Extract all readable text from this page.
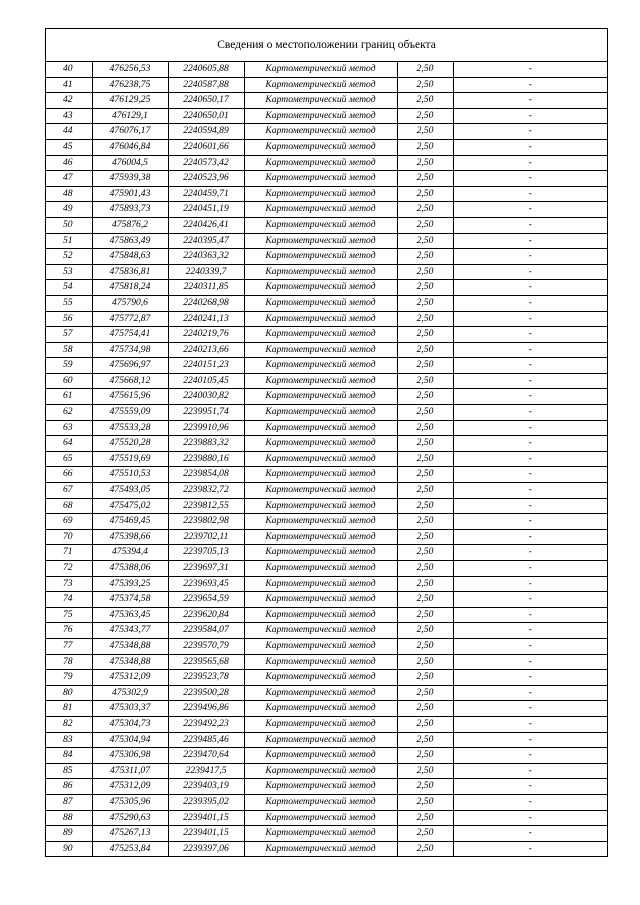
Сведения о местоположении границ объекта
40	476256,53	2240605,88	Картометрический метод	2,50	-
41	476238,75	2240587,88	Картометрический метод	2,50	-
42	476129,25	2240650,17	Картометрический метод	2,50	-
43	476129,1	2240650,01	Картометрический метод	2,50	-
44	476076,17	2240594,89	Картометрический метод	2,50	-
45	476046,84	2240601,66	Картометрический метод	2,50	-
46	476004,5	2240573,42	Картометрический метод	2,50	-
47	475939,38	2240523,96	Картометрический метод	2,50	-
48	475901,43	2240459,71	Картометрический метод	2,50	-
49	475893,73	2240451,19	Картометрический метод	2,50	-
50	475876,2	2240426,41	Картометрический метод	2,50	-
51	475863,49	2240395,47	Картометрический метод	2,50	-
52	475848,63	2240363,32	Картометрический метод	2,50	-
53	475836,81	2240339,7	Картометрический метод	2,50	-
54	475818,24	2240311,85	Картометрический метод	2,50	-
55	475790,6	2240268,98	Картометрический метод	2,50	-
56	475772,87	2240241,13	Картометрический метод	2,50	-
57	475754,41	2240219,76	Картометрический метод	2,50	-
58	475734,98	2240213,66	Картометрический метод	2,50	-
59	475696,97	2240151,23	Картометрический метод	2,50	-
60	475668,12	2240105,45	Картометрический метод	2,50	-
61	475615,96	2240030,82	Картометрический метод	2,50	-
62	475559,09	2239951,74	Картометрический метод	2,50	-
63	475533,28	2239910,96	Картометрический метод	2,50	-
64	475520,28	2239883,32	Картометрический метод	2,50	-
65	475519,69	2239880,16	Картометрический метод	2,50	-
66	475510,53	2239854,08	Картометрический метод	2,50	-
67	475493,05	2239832,72	Картометрический метод	2,50	-
68	475475,02	2239812,55	Картометрический метод	2,50	-
69	475469,45	2239802,98	Картометрический метод	2,50	-
70	475398,66	2239702,11	Картометрический метод	2,50	-
71	475394,4	2239705,13	Картометрический метод	2,50	-
72	475388,06	2239697,31	Картометрический метод	2,50	-
73	475393,25	2239693,45	Картометрический метод	2,50	-
74	475374,58	2239654,59	Картометрический метод	2,50	-
75	475363,45	2239620,84	Картометрический метод	2,50	-
76	475343,77	2239584,07	Картометрический метод	2,50	-
77	475348,88	2239570,79	Картометрический метод	2,50	-
78	475348,88	2239565,68	Картометрический метод	2,50	-
79	475312,09	2239523,78	Картометрический метод	2,50	-
80	475302,9	2239500,28	Картометрический метод	2,50	-
81	475303,37	2239496,86	Картометрический метод	2,50	-
82	475304,73	2239492,23	Картометрический метод	2,50	-
83	475304,94	2239485,46	Картометрический метод	2,50	-
84	475306,98	2239470,64	Картометрический метод	2,50	-
85	475311,07	2239417,5	Картометрический метод	2,50	-
86	475312,09	2239403,19	Картометрический метод	2,50	-
87	475305,96	2239395,02	Картометрический метод	2,50	-
88	475290,63	2239401,15	Картометрический метод	2,50	-
89	475267,13	2239401,15	Картометрический метод	2,50	-
90	475253,84	2239397,06	Картометрический метод	2,50	-
